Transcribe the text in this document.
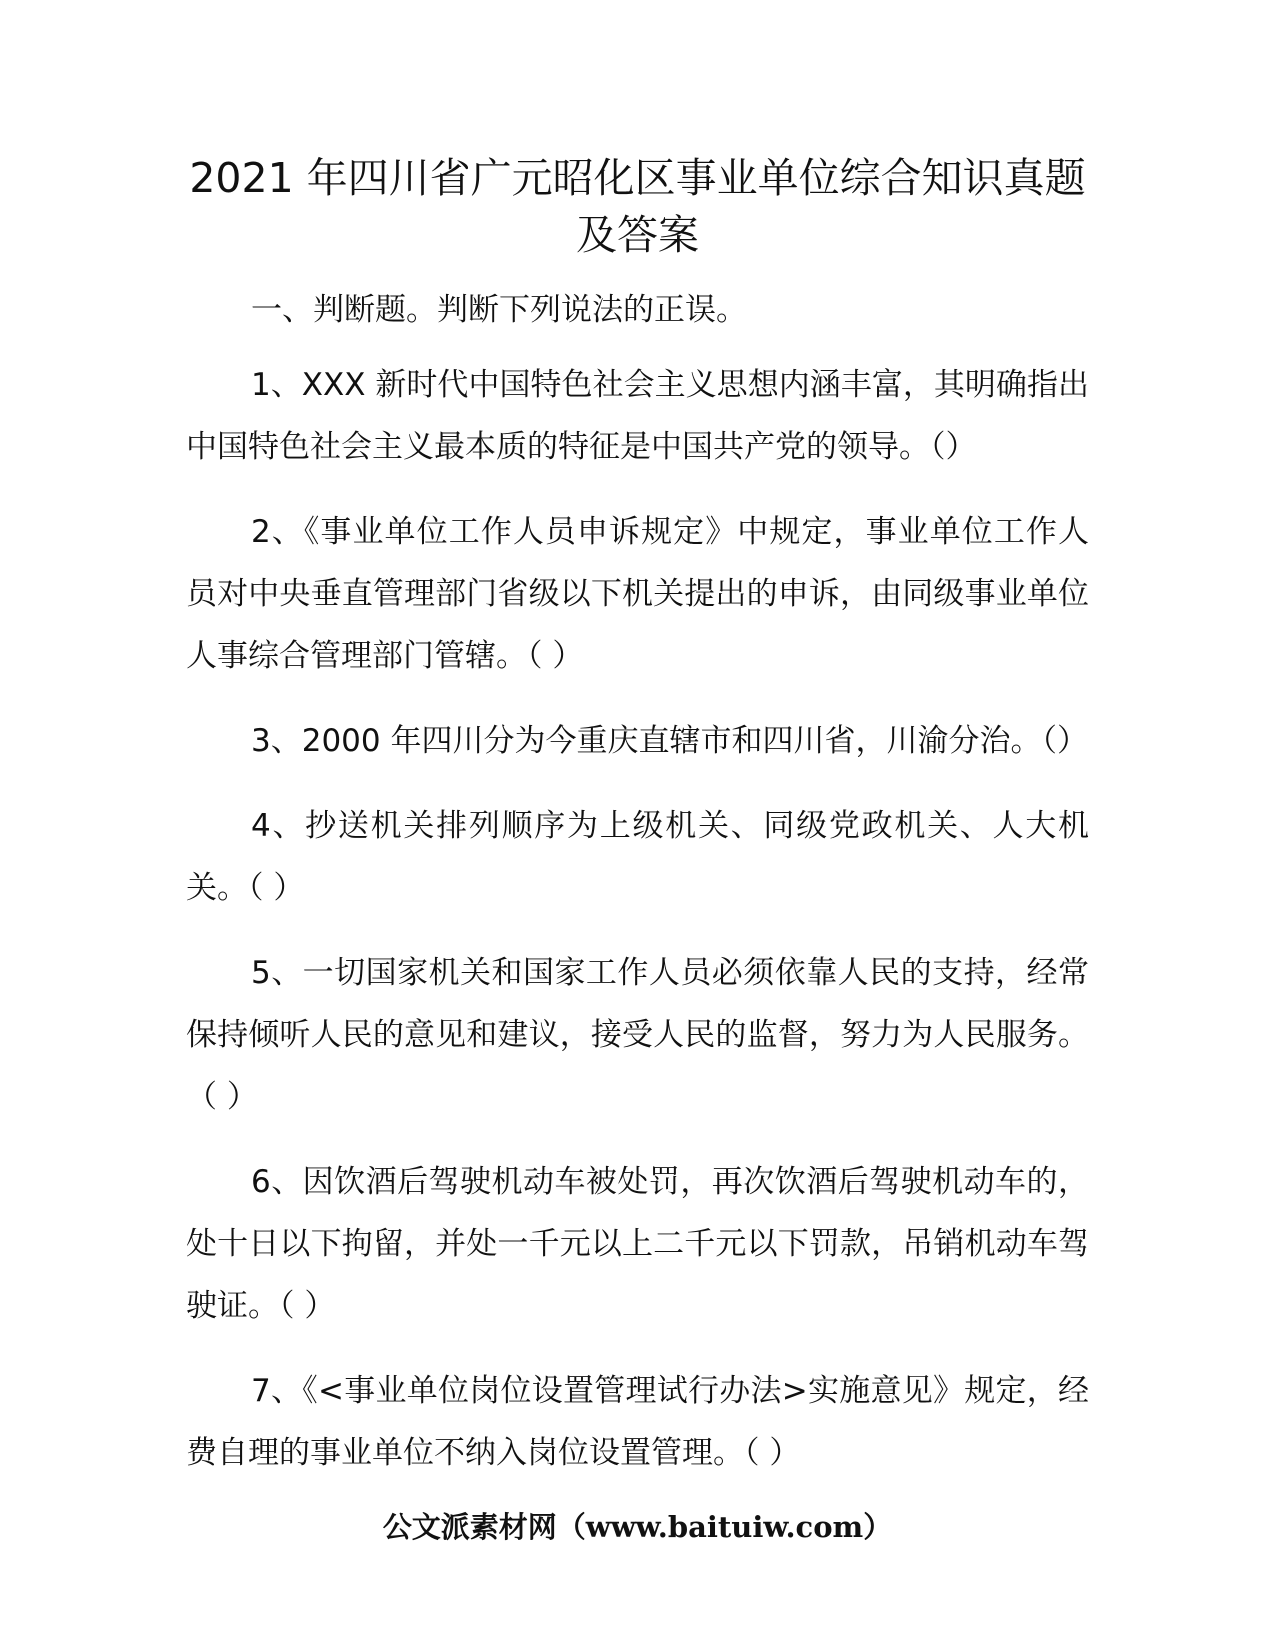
2021 年四川省广元昭化区事业单位综合知识真题及答案

一、判断题。判断下列说法的正误。

1、XXX 新时代中国特色社会主义思想内涵丰富，其明确指出中国特色社会主义最本质的特征是中国共产党的领导。（）

2、《事业单位工作人员申诉规定》中规定，事业单位工作人员对中央垂直管理部门省级以下机关提出的申诉，由同级事业单位人事综合管理部门管辖。（ ）

3、2000 年四川分为今重庆直辖市和四川省，川渝分治。（）

4、抄送机关排列顺序为上级机关、同级党政机关、人大机关。（ ）

5、一切国家机关和国家工作人员必须依靠人民的支持，经常保持倾听人民的意见和建议，接受人民的监督，努力为人民服务。（ ）

6、因饮酒后驾驶机动车被处罚，再次饮酒后驾驶机动车的，处十日以下拘留，并处一千元以上二千元以下罚款，吊销机动车驾驶证。（ ）

7、《<事业单位岗位设置管理试行办法>实施意见》规定，经费自理的事业单位不纳入岗位设置管理。（ ）

公文派素材网（www.baituiw.com）
